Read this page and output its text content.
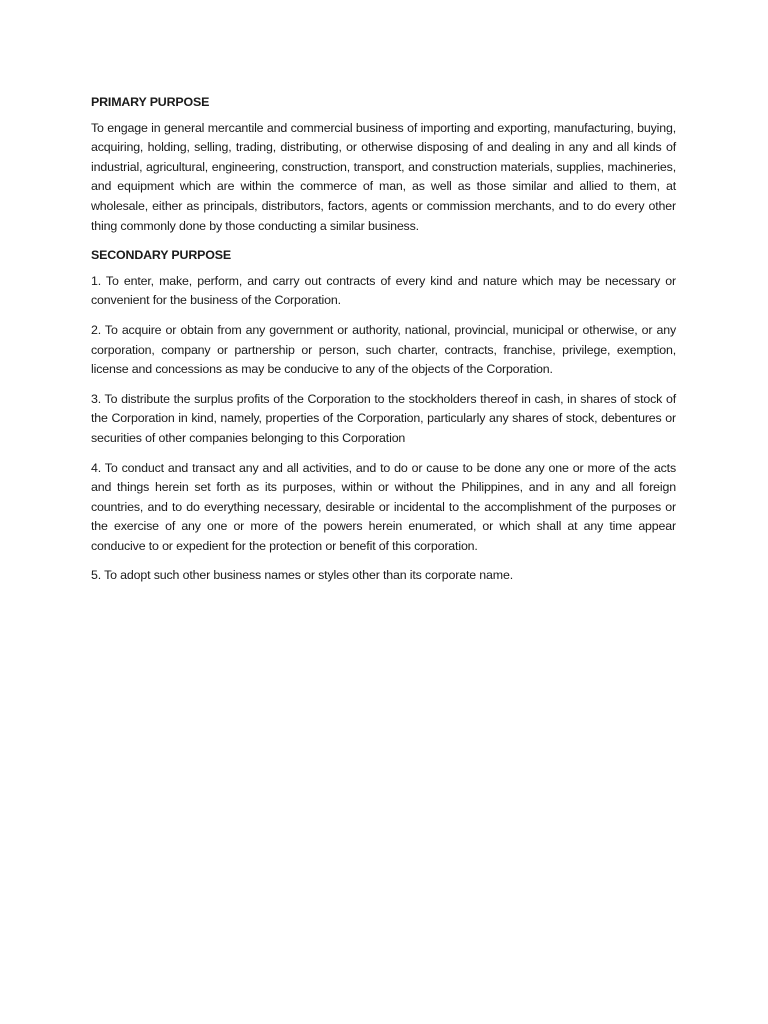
PRIMARY PURPOSE

To engage in general mercantile and commercial business of importing and exporting, manufacturing, buying, acquiring, holding, selling, trading, distributing, or otherwise disposing of and dealing in any and all kinds of industrial, agricultural, engineering, construction, transport, and construction materials, supplies, machineries, and equipment which are within the commerce of man, as well as those similar and allied to them, at wholesale, either as principals, distributors, factors, agents or commission merchants, and to do every other thing commonly done by those conducting a similar business.

SECONDARY PURPOSE

1. To enter, make, perform, and carry out contracts of every kind and nature which may be necessary or convenient for the business of the Corporation.

2. To acquire or obtain from any government or authority, national, provincial, municipal or otherwise, or any corporation, company or partnership or person, such charter, contracts, franchise, privilege, exemption, license and concessions as may be conducive to any of the objects of the Corporation.

3. To distribute the surplus profits of the Corporation to the stockholders thereof in cash, in shares of stock of the Corporation in kind, namely, properties of the Corporation, particularly any shares of stock, debentures or securities of other companies belonging to this Corporation

4. To conduct and transact any and all activities, and to do or cause to be done any one or more of the acts and things herein set forth as its purposes, within or without the Philippines, and in any and all foreign countries, and to do everything necessary, desirable or incidental to the accomplishment of the purposes or the exercise of any one or more of the powers herein enumerated, or which shall at any time appear conducive to or expedient for the protection or benefit of this corporation.

5. To adopt such other business names or styles other than its corporate name.
